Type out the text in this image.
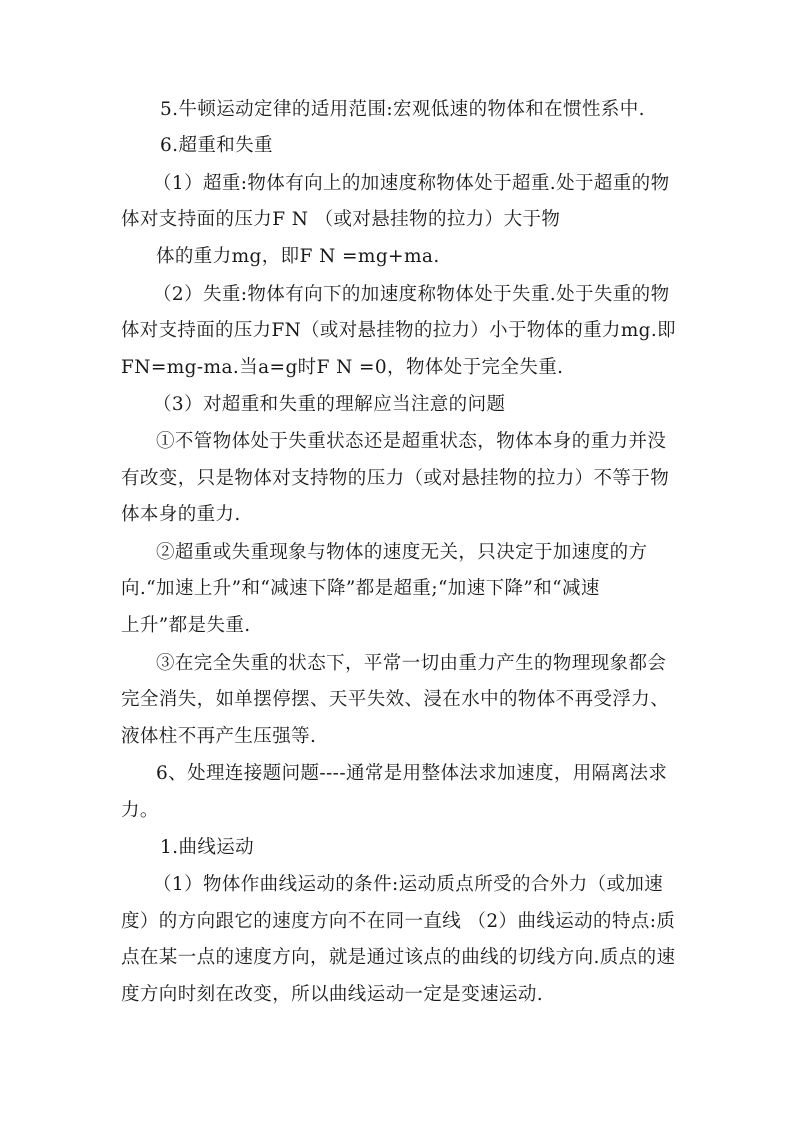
5.牛顿运动定律的适用范围:宏观低速的物体和在惯性系中.
6.超重和失重
（1）超重:物体有向上的加速度称物体处于超重.处于超重的物
体对支持面的压力F N （或对悬挂物的拉力）大于物
体的重力mg，即F N =mg+ma.
（2）失重:物体有向下的加速度称物体处于失重.处于失重的物
体对支持面的压力FN（或对悬挂物的拉力）小于物体的重力mg.即
FN=mg-ma.当a=g时F N =0，物体处于完全失重.
（3）对超重和失重的理解应当注意的问题
①不管物体处于失重状态还是超重状态，物体本身的重力并没
有改变，只是物体对支持物的压力（或对悬挂物的拉力）不等于物
体本身的重力.
②超重或失重现象与物体的速度无关，只决定于加速度的方
向.“加速上升”和“减速下降”都是超重;“加速下降”和“减速
上升”都是失重.
③在完全失重的状态下，平常一切由重力产生的物理现象都会
完全消失，如单摆停摆、天平失效、浸在水中的物体不再受浮力、
液体柱不再产生压强等.
6、处理连接题问题----通常是用整体法求加速度，用隔离法求
力。
1.曲线运动
（1）物体作曲线运动的条件:运动质点所受的合外力（或加速
度）的方向跟它的速度方向不在同一直线 （2）曲线运动的特点:质
点在某一点的速度方向，就是通过该点的曲线的切线方向.质点的速
度方向时刻在改变，所以曲线运动一定是变速运动.
